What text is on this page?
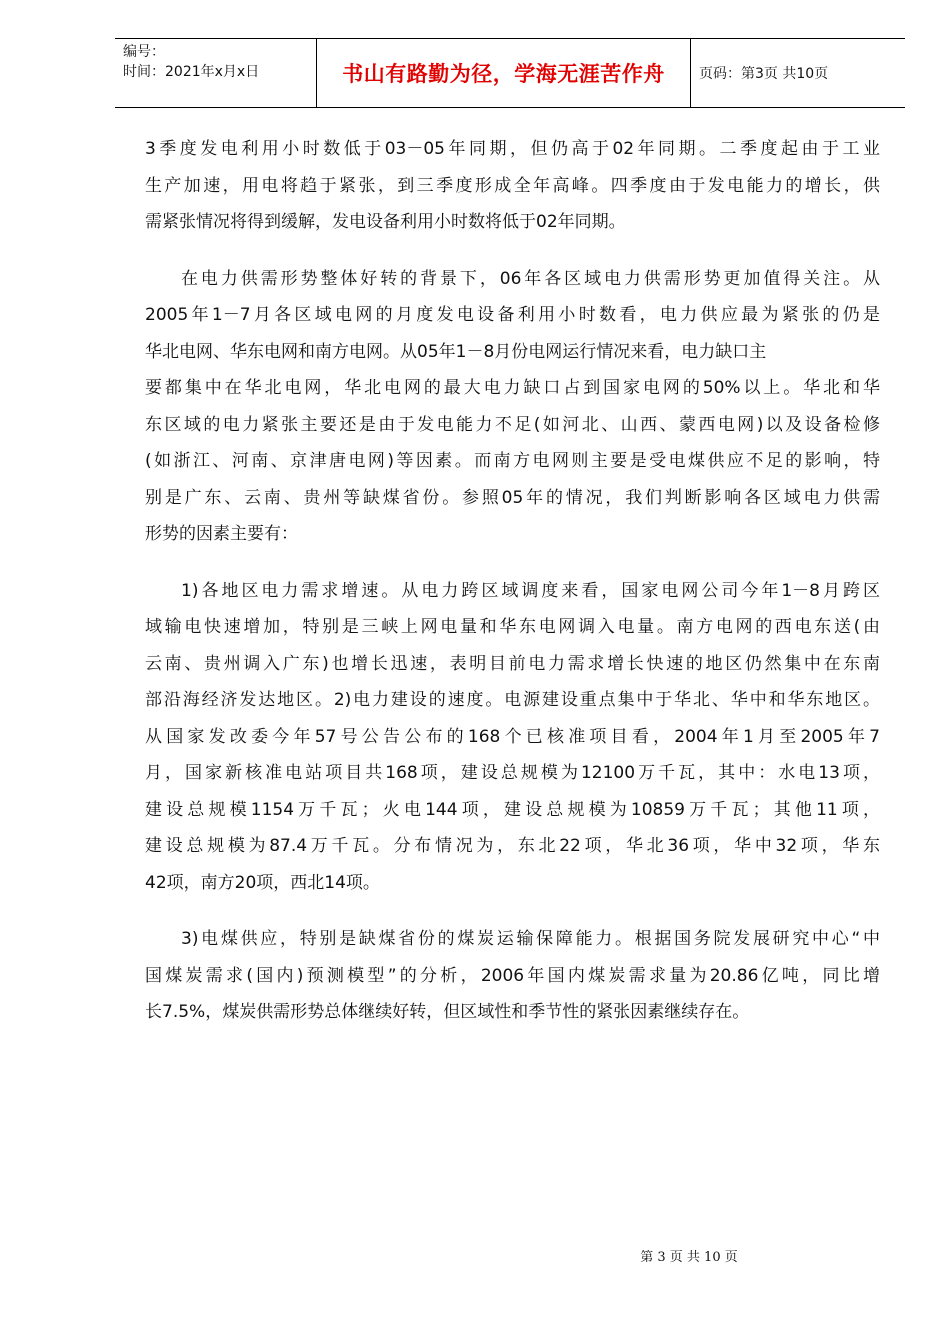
编号：
时间：2021年x月x日	书山有路勤为径，学海无涯苦作舟 页码：第3页 共10页

3季度发电利用小时数低于03－05年同期，但仍高于02年同期。二季度起由于工业

生产加速，用电将趋于紧张，到三季度形成全年高峰。四季度由于发电能力的增长，供

需紧张情况将得到缓解，发电设备利用小时数将低于02年同期。

在电力供需形势整体好转的背景下，06年各区域电力供需形势更加值得关注。从

2005年1－7月各区域电网的月度发电设备利用小时数看，电力供应最为紧张的仍是

华北电网、华东电网和南方电网。从05年1－8月份电网运行情况来看，电力缺口主

要都集中在华北电网，华北电网的最大电力缺口占到国家电网的50%以上。华北和华

东区域的电力紧张主要还是由于发电能力不足(如河北、山西、蒙西电网)以及设备检修

(如浙江、河南、京津唐电网)等因素。而南方电网则主要是受电煤供应不足的影响，特

别是广东、云南、贵州等缺煤省份。参照05年的情况，我们判断影响各区域电力供需

形势的因素主要有：

1)各地区电力需求增速。从电力跨区域调度来看，国家电网公司今年1－8月跨区

域输电快速增加，特别是三峡上网电量和华东电网调入电量。南方电网的西电东送(由

云南、贵州调入广东)也增长迅速，表明目前电力需求增长快速的地区仍然集中在东南

部沿海经济发达地区。2)电力建设的速度。电源建设重点集中于华北、华中和华东地区。

从国家发改委今年57号公告公布的168个已核准项目看，2004年1月至2005年7

月，国家新核准电站项目共168项，建设总规模为12100万千瓦，其中：水电13项，

建设总规模1154万千瓦；火电144项，建设总规模为10859万千瓦；其他11项，

建设总规模为87.4万千瓦。分布情况为，东北22项，华北36项，华中32项，华东

42项，南方20项，西北14项。

3)电煤供应，特别是缺煤省份的煤炭运输保障能力。根据国务院发展研究中心“中

国煤炭需求(国内)预测模型”的分析，2006年国内煤炭需求量为20.86亿吨，同比增

长7.5%，煤炭供需形势总体继续好转，但区域性和季节性的紧张因素继续存在。

第 3 页 共 10 页
